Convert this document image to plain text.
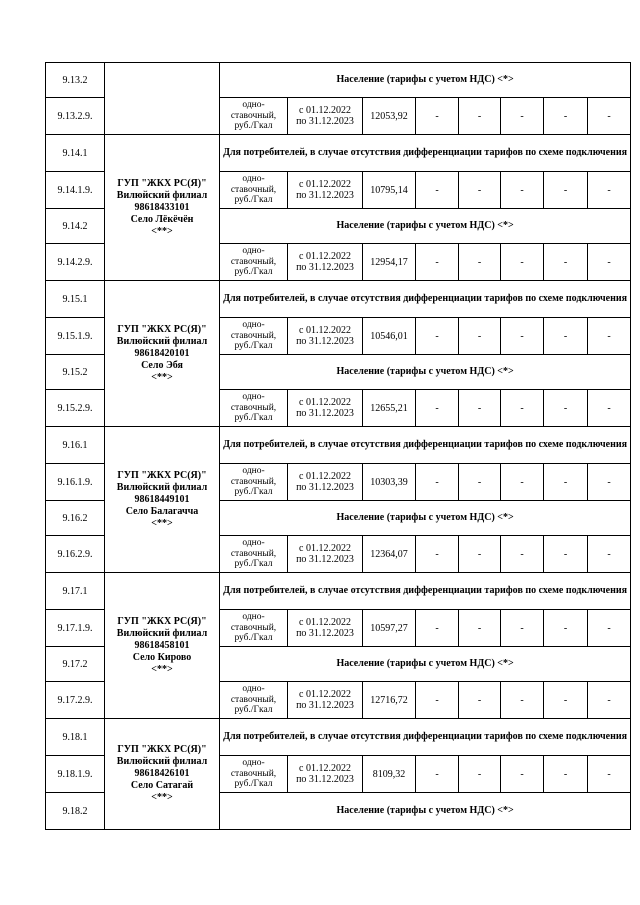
9.13.2		Население (тарифы с учетом НДС) <*>							
9.13.2.9.		одно-
ставочный,
руб./Гкал	с 01.12.2022
по 31.12.2023	12053,92	-	-	-	-	-
9.14.1	ГУП "ЖКХ РС(Я)"
Вилюйский филиал
98618433101
Село Лёкёчён
<**>	Для потребителей, в случае отсутствия дифференциации тарифов по схеме подключения							
9.14.1.9.		одно-
ставочный,
руб./Гкал	с 01.12.2022
по 31.12.2023	10795,14	-	-	-	-	-
9.14.2		Население (тарифы с учетом НДС) <*>							
9.14.2.9.		одно-
ставочный,
руб./Гкал	с 01.12.2022
по 31.12.2023	12954,17	-	-	-	-	-
9.15.1	ГУП "ЖКХ РС(Я)"
Вилюйский филиал
98618420101
Село Эбя
<**>	Для потребителей, в случае отсутствия дифференциации тарифов по схеме подключения							
9.15.1.9.		одно-
ставочный,
руб./Гкал	с 01.12.2022
по 31.12.2023	10546,01	-	-	-	-	-
9.15.2		Население (тарифы с учетом НДС) <*>							
9.15.2.9.		одно-
ставочный,
руб./Гкал	с 01.12.2022
по 31.12.2023	12655,21	-	-	-	-	-
9.16.1	ГУП "ЖКХ РС(Я)"
Вилюйский филиал
98618449101
Село Балагачча
<**>	Для потребителей, в случае отсутствия дифференциации тарифов по схеме подключения							
9.16.1.9.		одно-
ставочный,
руб./Гкал	с 01.12.2022
по 31.12.2023	10303,39	-	-	-	-	-
9.16.2		Население (тарифы с учетом НДС) <*>							
9.16.2.9.		одно-
ставочный,
руб./Гкал	с 01.12.2022
по 31.12.2023	12364,07	-	-	-	-	-
9.17.1	ГУП "ЖКХ РС(Я)"
Вилюйский филиал
98618458101
Село Кирово
<**>	Для потребителей, в случае отсутствия дифференциации тарифов по схеме подключения							
9.17.1.9.		одно-
ставочный,
руб./Гкал	с 01.12.2022
по 31.12.2023	10597,27	-	-	-	-	-
9.17.2		Население (тарифы с учетом НДС) <*>							
9.17.2.9.		одно-
ставочный,
руб./Гкал	с 01.12.2022
по 31.12.2023	12716,72	-	-	-	-	-
9.18.1	ГУП "ЖКХ РС(Я)"
Вилюйский филиал
98618426101
Село Сатагай
<**>	Для потребителей, в случае отсутствия дифференциации тарифов по схеме подключения							
9.18.1.9.		одно-
ставочный,
руб./Гкал	с 01.12.2022
по 31.12.2023	8109,32	-	-	-	-	-
9.18.2		Население (тарифы с учетом НДС) <*>							
